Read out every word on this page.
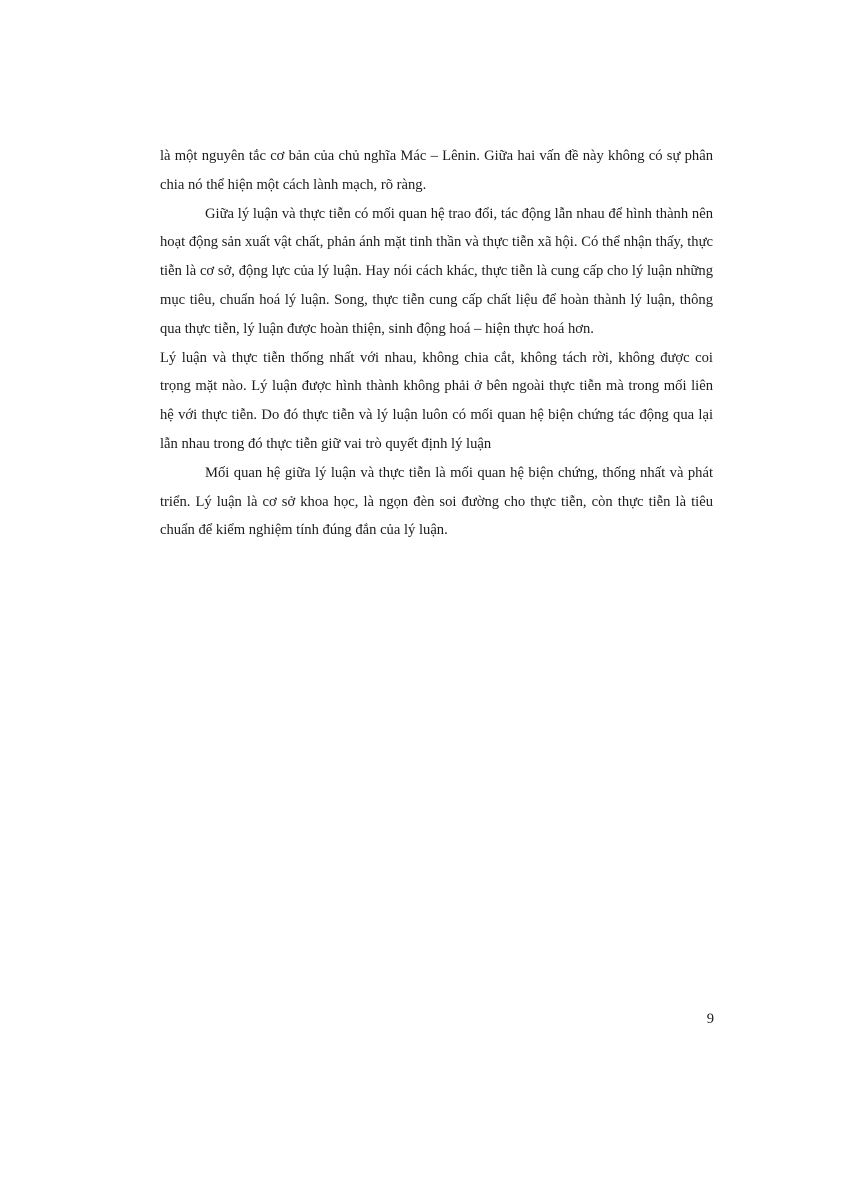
là một nguyên tắc cơ bản của chủ nghĩa Mác – Lênin. Giữa hai vấn đề này không có sự phân chia nó thể hiện một cách lành mạch, rõ ràng.

Giữa lý luận và thực tiễn có mối quan hệ trao đổi, tác động lẫn nhau để hình thành nên hoạt động sản xuất vật chất, phản ánh mặt tinh thần và thực tiễn xã hội. Có thể nhận thấy, thực tiễn là cơ sở, động lực của lý luận. Hay nói cách khác, thực tiễn là cung cấp cho lý luận những mục tiêu, chuẩn hoá lý luận. Song, thực tiễn cung cấp chất liệu để hoàn thành lý luận, thông qua thực tiễn, lý luận được hoàn thiện, sinh động hoá – hiện thực hoá hơn.

Lý luận và thực tiễn thống nhất với nhau, không chia cắt, không tách rời, không được coi trọng mặt nào. Lý luận được hình thành không phải ở bên ngoài thực tiễn mà trong mối liên hệ với thực tiễn. Do đó thực tiễn và lý luận luôn có mối quan hệ biện chứng tác động qua lại lẫn nhau trong đó thực tiễn giữ vai trò quyết định lý luận

Mối quan hệ giữa lý luận và thực tiễn là mối quan hệ biện chứng, thống nhất và phát triển. Lý luận là cơ sở khoa học, là ngọn đèn soi đường cho thực tiễn, còn thực tiễn là tiêu chuẩn để kiểm nghiệm tính đúng đắn của lý luận.

9
